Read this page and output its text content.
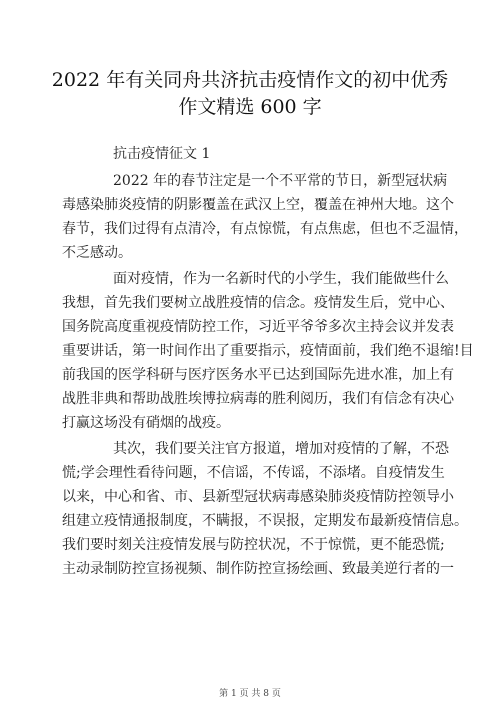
2022 年有关同舟共济抗击疫情作文的初中优秀
作文精选 600 字
抗击疫情征文 1
2022 年的春节注定是一个不平常的节日，新型冠状病
毒感染肺炎疫情的阴影覆盖在武汉上空，覆盖在神州大地。这个
春节，我们过得有点清冷，有点惊慌，有点焦虑，但也不乏温情，
不乏感动。
面对疫情，作为一名新时代的小学生，我们能做些什么
我想，首先我们要树立战胜疫情的信念。疫情发生后，党中心、
国务院高度重视疫情防控工作，习近平爷爷多次主持会议并发表
重要讲话，第一时间作出了重要指示，疫情面前，我们绝不退缩!目
前我国的医学科研与医疗医务水平已达到国际先进水准，加上有
战胜非典和帮助战胜埃博拉病毒的胜利阅历，我们有信念有决心
打赢这场没有硝烟的战疫。
其次，我们要关注官方报道，增加对疫情的了解，不恐
慌;学会理性看待问题，不信谣，不传谣，不添堵。自疫情发生
以来，中心和省、市、县新型冠状病毒感染肺炎疫情防控领导小
组建立疫情通报制度，不瞒报，不误报，定期发布最新疫情信息。
我们要时刻关注疫情发展与防控状况，不于惊慌，更不能恐慌;
主动录制防控宣扬视频、制作防控宣扬绘画、致最美逆行者的一
第 1 页 共 8 页
